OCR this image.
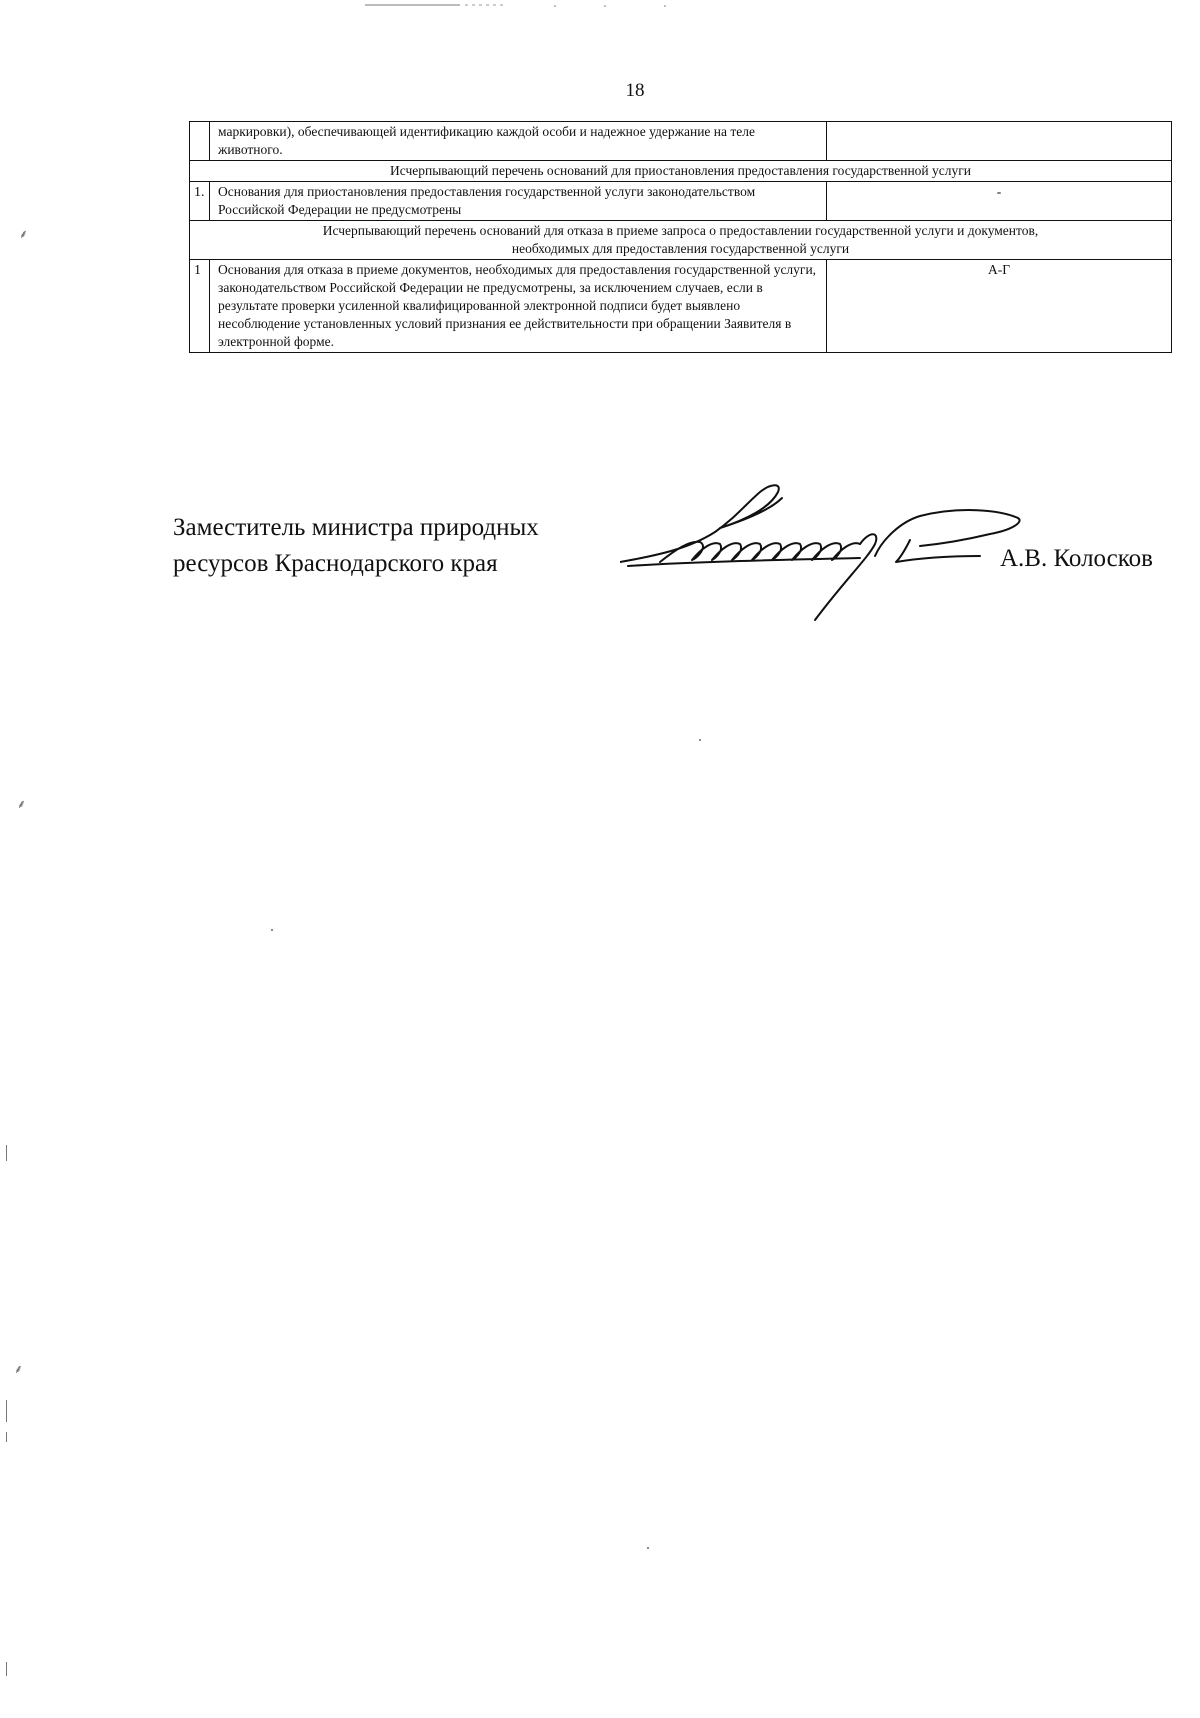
18
	маркировки), обеспечивающей идентификацию каждой особи и надежное удержание на теле животного.	
Исчерпывающий перечень оснований для приостановления предоставления государственной услуги		
1.	Основания для приостановления предоставления государственной услуги законодательством Российской Федерации не предусмотрены	-
Исчерпывающий перечень оснований для отказа в приеме запроса о предоставлении государственной услуги и документов, необходимых для предоставления государственной услуги		
1	Основания для отказа в приеме документов, необходимых для предоставления государственной услуги, законодательством Российской Федерации не предусмотрены, за исключением случаев, если в результате проверки усиленной квалифицированной электронной подписи будет выявлено несоблюдение установленных условий признания ее действительности при обращении Заявителя в электронной форме.	А-Г
Заместитель министра природных
ресурсов Краснодарского края	А.В. Колосков
⸙
⸙
⸙
